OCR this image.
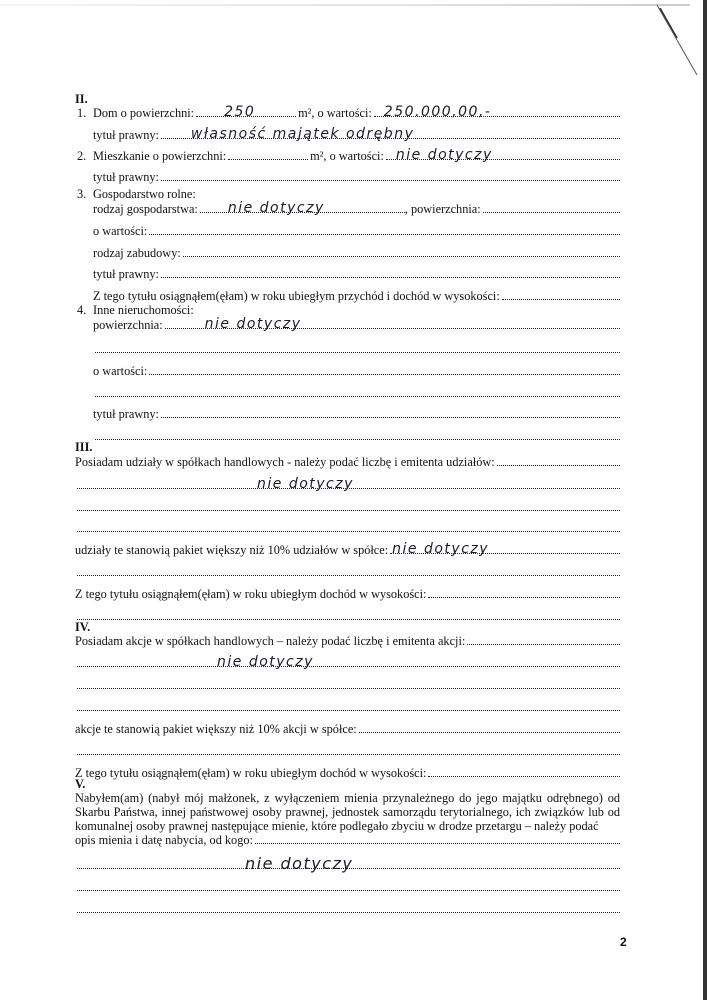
II.
1. Dom o powierzchni: 250	m², o wartości: 250.000,00,-
tytuł prawny: własność majątek odrębny
2. Mieszkanie o powierzchni:	m², o wartości: nie dotyczy
tytuł prawny:
3. Gospodarstwo rolne:
rodzaj gospodarstwa: nie dotyczy	, powierzchnia:
o wartości:
rodzaj zabudowy:
tytuł prawny:
Z tego tytułu osiągnąłem(ęłam) w roku ubiegłym przychód i dochód w wysokości:
4. Inne nieruchomości:
powierzchnia:	nie dotyczy
o wartości:
tytuł prawny:
III.
Posiadam udziały w spółkach handlowych - należy podać liczbę i emitenta udziałów:
nie dotyczy
udziały te stanowią pakiet większy niż 10% udziałów w spółce: nie dotyczy
Z tego tytułu osiągnąłem(ęłam) w roku ubiegłym dochód w wysokości:
IV.
Posiadam akcje w spółkach handlowych – należy podać liczbę i emitenta akcji:
nie dotyczy
akcje te stanowią pakiet większy niż 10% akcji w spółce:
Z tego tytułu osiągnąłem(ęłam) w roku ubiegłym dochód w wysokości:
V.
Nabyłem(am) (nabył mój małżonek, z wyłączeniem mienia przynależnego do jego majątku odrębnego) od Skarbu Państwa, innej państwowej osoby prawnej, jednostek samorządu terytorialnego, ich związków lub od komunalnej osoby prawnej następujące mienie, które podlegało zbyciu w drodze przetargu – należy podać
opis mienia i datę nabycia, od kogo:
nie dotyczy
2
